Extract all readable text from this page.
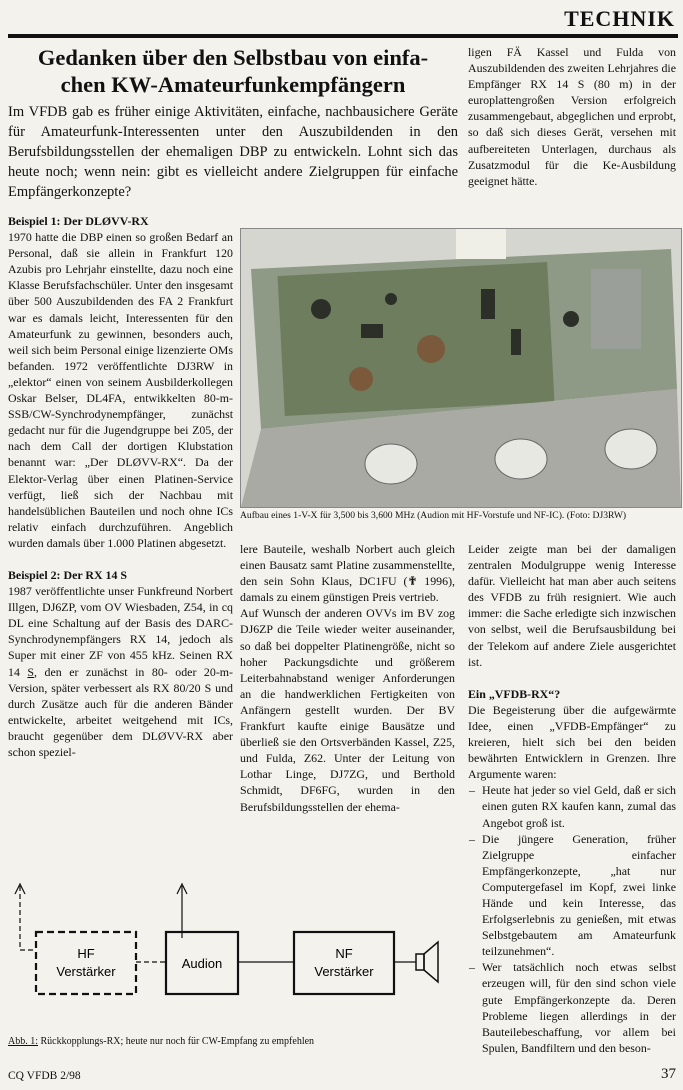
TECHNIK
Gedanken über den Selbstbau von einfa-
chen KW-Amateurfunkempfängern
Im VFDB gab es früher einige Aktivitäten, einfache, nachbausichere Geräte für Amateurfunk-Interessenten unter den Auszubildenden in den Berufsbildungsstellen der ehemaligen DBP zu entwickeln. Lohnt sich das heute noch; wenn nein: gibt es vielleicht andere Zielgruppen für einfache Empfängerkonzepte?

Beispiel 1: Der DLØVV-RX

1970 hatte die DBP einen so großen Bedarf an Personal, daß sie allein in Frankfurt 120 Azubis pro Lehrjahr einstellte, dazu noch eine Klasse Berufsfachschüler. Unter den insgesamt über 500 Auszubildenden des FA 2 Frankfurt war es damals leicht, Interessenten für den Amateurfunk zu gewinnen, besonders auch, weil sich beim Personal einige lizenzierte OMs befanden. 1972 veröffentlichte DJ3RW in „elektor“ einen von seinem Ausbilderkollegen Oskar Belser, DL4FA, entwikkelten 80-m-SSB/CW-Synchrodynempfänger, zunächst gedacht nur für die Jugendgruppe bei Z05, der nach dem Call der dortigen Klubstation benannt war: „Der DLØVV-RX“. Da der Elektor-Verlag über einen Platinen-Service verfügt, ließ sich der Nachbau mit handelsüblichen Bauteilen und noch ohne ICs relativ einfach durchzuführen. Angeblich wurden damals über 1.000 Platinen abgesetzt.

Beispiel 2: Der RX 14 S

1987 veröffentlichte unser Funkfreund Norbert Illgen, DJ6ZP, vom OV Wiesbaden, Z54, in cq DL eine Schaltung auf der Basis des DARC-Synchrodynempfängers RX 14, jedoch als Super mit einer ZF von 455 kHz. Seinen RX 14 S, den er zunächst in 80- oder 20-m-Version, später verbessert als RX 80/20 S und durch Zusätze auch für die anderen Bänder entwickelte, arbeitet weitgehend mit ICs, braucht gegenüber dem DLØVV-RX aber schon speziel-

ligen FÄ Kassel und Fulda von Auszubildenden des zweiten Lehrjahres die Empfänger RX 14 S (80 m) in der europlattengroßen Version erfolgreich zusammengebaut, abgeglichen und erprobt, so daß sich dieses Gerät, versehen mit aufbereiteten Unterlagen, durchaus als Zusatzmodul für die Ke-Ausbildung geeignet hätte.

Aufbau eines 1-V-X für 3,500 bis 3,600 MHz (Audion mit HF-Vorstufe und NF-IC). (Foto: DJ3RW)

lere Bauteile, weshalb Norbert auch gleich einen Bausatz samt Platine zusammenstellte, den sein Sohn Klaus, DC1FU (✟ 1996), damals zu einem günstigen Preis vertrieb.

Auf Wunsch der anderen OVVs im BV zog DJ6ZP die Teile wieder weiter auseinander, so daß bei doppelter Platinengröße, nicht so hoher Packungsdichte und größerem Leiterbahnabstand weniger Anforderungen an die handwerklichen Fertigkeiten von Anfängern gestellt wurden. Der BV Frankfurt kaufte einige Bausätze und überließ sie den Ortsverbänden Kassel, Z25, und Fulda, Z62. Unter der Leitung von Lothar Linge, DJ7ZG, und Berthold Schmidt, DF6FG, wurden in den Berufsbildungsstellen der ehema-

Leider zeigte man bei der damaligen zentralen Modulgruppe wenig Interesse dafür. Vielleicht hat man aber auch seitens des VFDB zu früh resigniert. Wie auch immer: die Sache erledigte sich inzwischen von selbst, weil die Berufsausbildung bei der Telekom auf andere Ziele ausgerichtet ist.

Ein „VFDB-RX“?

Die Begeisterung über die aufgewärmte Idee, einen „VFDB-Empfänger“ zu kreieren, hielt sich bei den beiden bewährten Entwicklern in Grenzen. Ihre Argumente waren:

– Heute hat jeder so viel Geld, daß er sich einen guten RX kaufen kann, zumal das Angebot groß ist.
– Die jüngere Generation, früher Zielgruppe einfacher Empfängerkonzepte, „hat nur Computergefasel im Kopf, zwei linke Hände und kein Interesse, das Erfolgserlebnis zu genießen, mit etwas Selbstgebautem am Amateurfunk teilzunehmen“.
– Wer tatsächlich noch etwas selbst erzeugen will, für den sind schon viele gute Empfängerkonzepte da. Deren Probleme liegen allerdings in der Bauteilebeschaffung, vor allem bei Spulen, Bandfiltern und den beson-
HF
Verstärker
Audion
NF
Verstärker
Abb. 1: Rückkopplungs-RX; heute nur noch für CW-Empfang zu empfehlen
CQ VFDB 2/98	37
